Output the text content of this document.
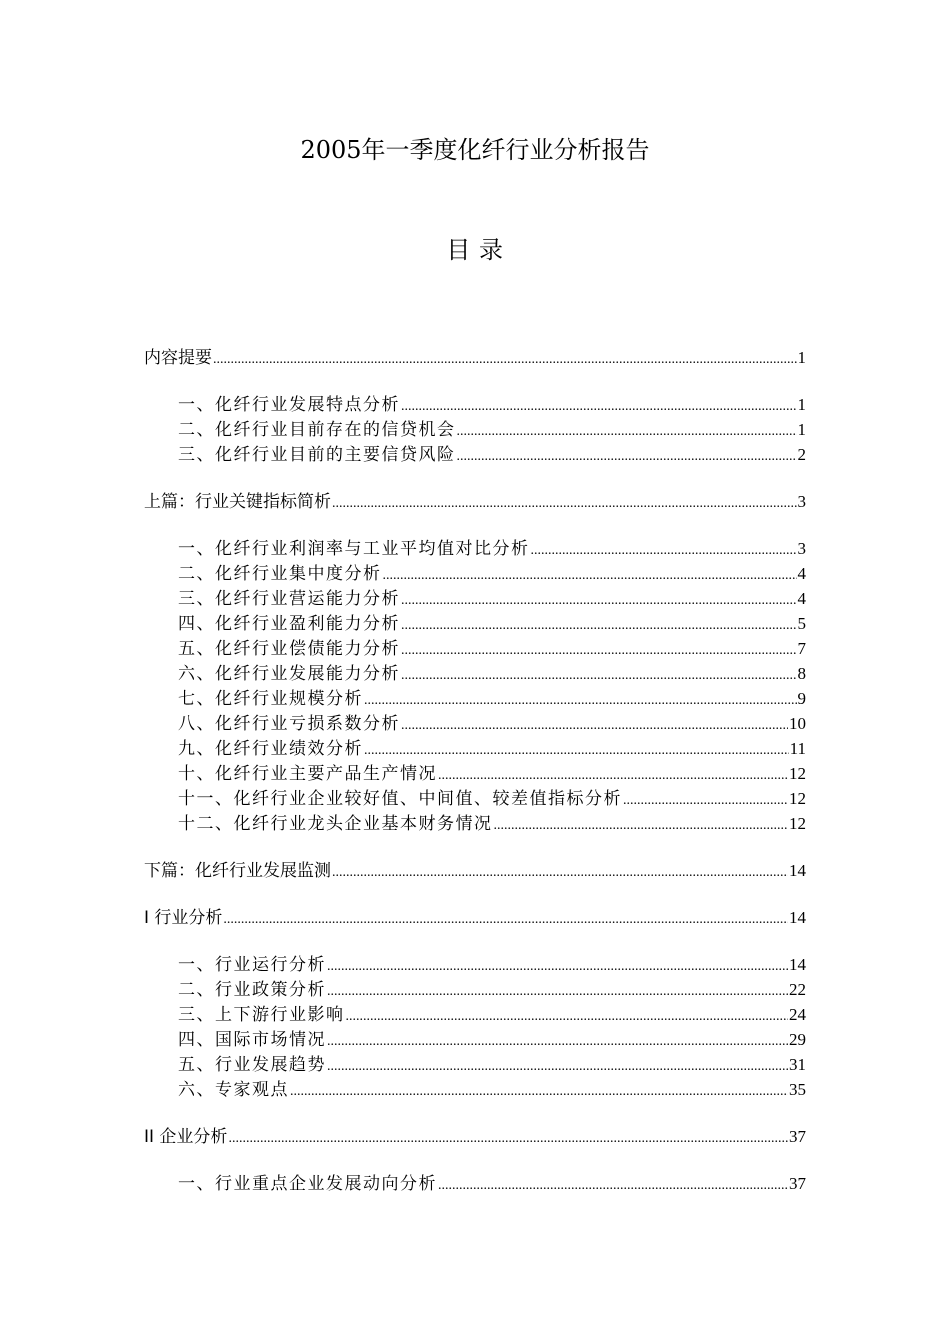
2005年一季度化纤行业分析报告
目 录
内容提要 .....	1
一、化纤行业发展特点分析 .....	1
二、化纤行业目前存在的信贷机会 .....	1
三、化纤行业目前的主要信贷风险 .....	2
上篇：行业关键指标简析 .....	3
一、化纤行业利润率与工业平均值对比分析 .....	3
二、化纤行业集中度分析 .....	4
三、化纤行业营运能力分析 .....	4
四、化纤行业盈利能力分析 .....	5
五、化纤行业偿债能力分析 .....	7
六、化纤行业发展能力分析 .....	8
七、化纤行业规模分析 .....	9
八、化纤行业亏损系数分析 .....	10
九、化纤行业绩效分析 .....	11
十、化纤行业主要产品生产情况 .....	12
十一、化纤行业企业较好值、中间值、较差值指标分析 .....	12
十二、化纤行业龙头企业基本财务情况 .....	12
下篇：化纤行业发展监测 .....	14
I 行业分析 .....	14
一、行业运行分析 .....	14
二、行业政策分析 .....	22
三、上下游行业影响 .....	24
四、国际市场情况 .....	29
五、行业发展趋势 .....	31
六、专家观点 .....	35
II 企业分析 .....	37
一、行业重点企业发展动向分析 .....	37
